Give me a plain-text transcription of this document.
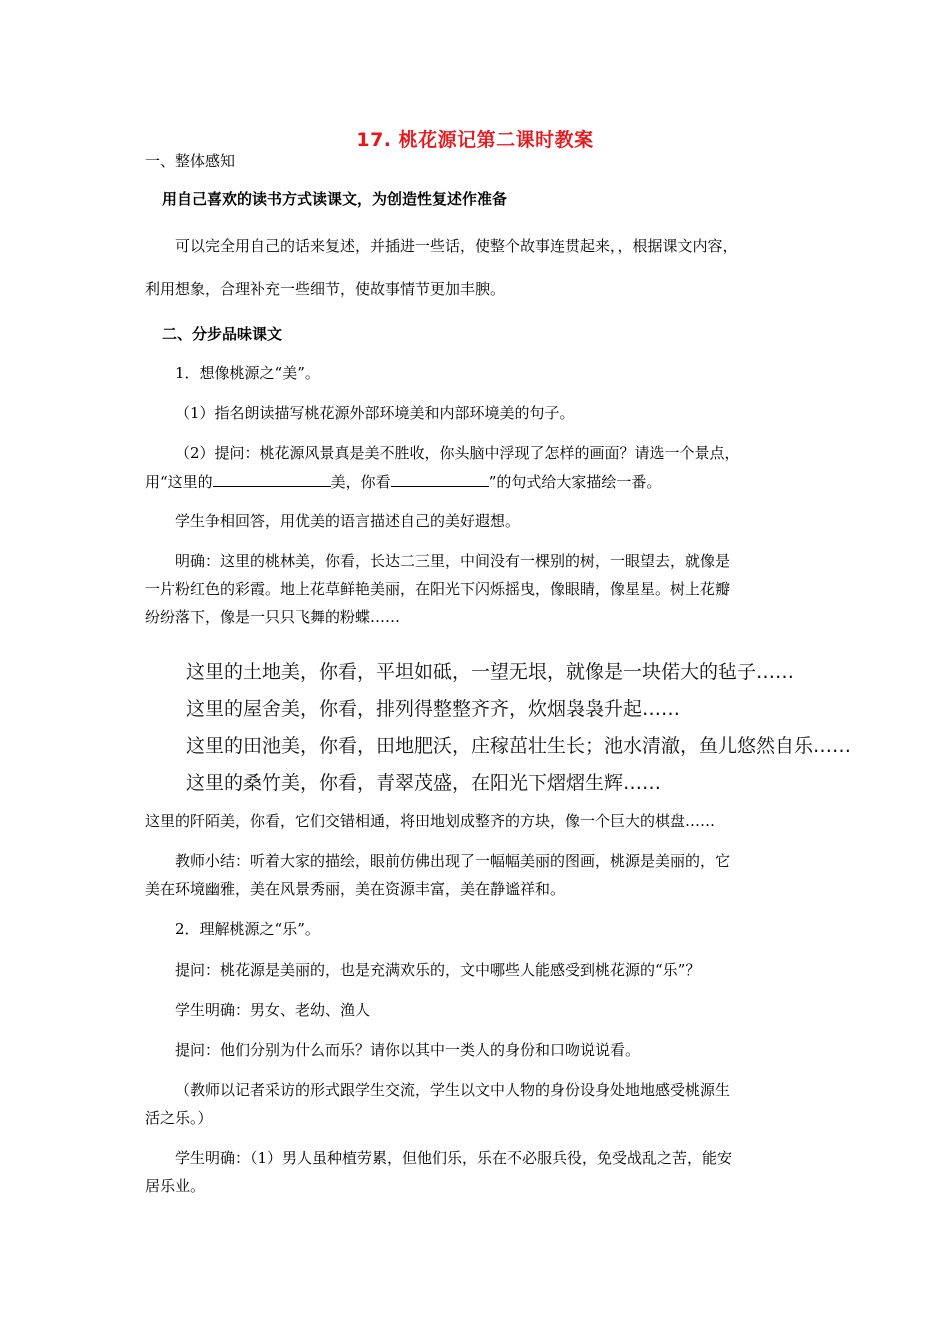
17. 桃花源记第二课时教案
一、整体感知
用自己喜欢的读书方式读课文，为创造性复述作准备
可以完全用自己的话来复述，并插进一些话，使整个故事连贯起来，，根据课文内容，
利用想象，合理补充一些细节，使故事情节更加丰腴。
二、分步品味课文
1．想像桃源之“美”。
（1）指名朗读描写桃花源外部环境美和内部环境美的句子。
（2）提问：桃花源风景真是美不胜收，你头脑中浮现了怎样的画面？请选一个景点，
用“这里的	美，你看	”的句式给大家描绘一番。
学生争相回答，用优美的语言描述自己的美好遐想。
明确：这里的桃林美，你看，长达二三里，中间没有一棵别的树，一眼望去，就像是
一片粉红色的彩霞。地上花草鲜艳美丽，在阳光下闪烁摇曳，像眼睛，像星星。树上花瓣
纷纷落下，像是一只只飞舞的粉蝶……
这里的土地美，你看，平坦如砥，一望无垠，就像是一块偌大的毡子……
这里的屋舍美，你看，排列得整整齐齐，炊烟袅袅升起……
这里的田池美，你看，田地肥沃，庄稼茁壮生长；池水清澈，鱼儿悠然自乐……
这里的桑竹美，你看，青翠茂盛，在阳光下熠熠生辉……
这里的阡陌美，你看，它们交错相通，将田地划成整齐的方块，像一个巨大的棋盘……
教师小结：听着大家的描绘，眼前仿佛出现了一幅幅美丽的图画，桃源是美丽的，它
美在环境幽雅，美在风景秀丽，美在资源丰富，美在静谧祥和。
2．理解桃源之“乐”。
提问：桃花源是美丽的，也是充满欢乐的，文中哪些人能感受到桃花源的“乐”？
学生明确：男女、老幼、渔人
提问：他们分别为什么而乐？请你以其中一类人的身份和口吻说说看。
（教师以记者采访的形式跟学生交流，学生以文中人物的身份设身处地地感受桃源生
活之乐。）
学生明确：（1）男人虽种植劳累，但他们乐，乐在不必服兵役，免受战乱之苦，能安
居乐业。
